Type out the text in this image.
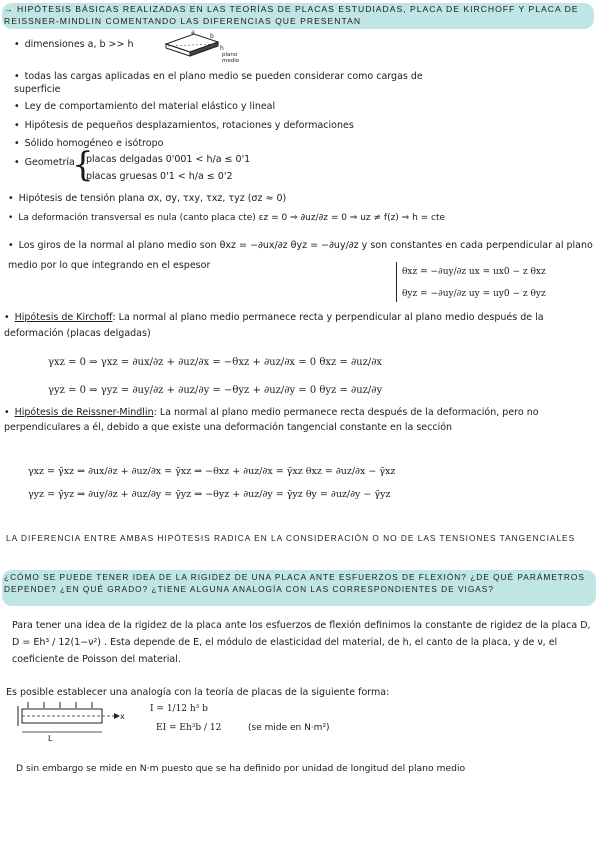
→ HIPÓTESIS BÁSICAS REALIZADAS EN LAS TEORÍAS DE PLACAS ESTUDIADAS, PLACA DE KIRCHOFF Y PLACA DE REISSNER-MINDLIN COMENTANDO LAS DIFERENCIAS QUE PRESENTAN
• dimensiones a, b >> h
a
b
h
plano medio
• todas las cargas aplicadas en el plano medio se pueden considerar como cargas de superficie
• Ley de comportamiento del material elástico y lineal
• Hipótesis de pequeños desplazamientos, rotaciones y deformaciones
• Sólido homogéneo e isótropo
• Geometría
{
placas delgadas 0'001 < h/a ≤ 0'1
placas gruesas 0'1 < h/a ≤ 0'2
• Hipótesis de tensión plana σx, σy, τxy, τxz, τyz (σz ≈ 0)
• La deformación transversal es nula (canto placa cte) εz = 0 ⇒ ∂uz/∂z = 0 ⇒ uz ≠ f(z) ⇒ h = cte
• Los giros de la normal al plano medio son θxz = −∂ux/∂z θyz = −∂uy/∂z y son constantes en cada perpendicular al plano medio por lo que integrando en el espesor
θxz = −∂uy/∂z ux = ux0 − z θxz
θyz = −∂uy/∂z uy = uy0 − z θyz
• Hipótesis de Kirchoff: La normal al plano medio permanece recta y perpendicular al plano medio después de la deformación (placas delgadas)
γxz = 0 ⇒ γxz = ∂ux/∂z + ∂uz/∂x = −θxz + ∂uz/∂x = 0 θxz = ∂uz/∂x
γyz = 0 ⇒ γyz = ∂uy/∂z + ∂uz/∂y = −θyz + ∂uz/∂y = 0 θyz = ∂uz/∂y
• Hipótesis de Reissner-Mindlin: La normal al plano medio permanece recta después de la deformación, pero no perpendiculares a él, debido a que existe una deformación tangencial constante en la sección
γxz = γ̄xz ⇒ ∂ux/∂z + ∂uz/∂x = γ̄xz ⇒ −θxz + ∂uz/∂x = γ̄xz θxz = ∂uz/∂x − γ̄xz
γyz = γ̄yz ⇒ ∂uy/∂z + ∂uz/∂y = γ̄yz ⇒ −θyz + ∂uz/∂y = γ̄yz θy = ∂uz/∂y − γ̄yz
LA DIFERENCIA ENTRE AMBAS HIPÓTESIS RADICA EN LA CONSIDERACIÓN O NO DE LAS TENSIONES TANGENCIALES
¿CÓMO SE PUEDE TENER IDEA DE LA RIGIDEZ DE UNA PLACA ANTE ESFUERZOS DE FLEXIÓN? ¿DE QUÉ PARÁMETROS DEPENDE? ¿EN QUÉ GRADO? ¿TIENE ALGUNA ANALOGÍA CON LAS CORRESPONDIENTES DE VIGAS?
Para tener una idea de la rigidez de la placa ante los esfuerzos de flexión definimos la constante de rigidez de la placa D, D = Eh³ / 12(1−ν²) . Esta depende de E, el módulo de elasticidad del material, de h, el canto de la placa, y de ν, el coeficiente de Poisson del material.
Es posible establecer una analogía con la teoría de placas de la siguiente forma:
x
L
I = 1/12 h³ b
EI = Eh³b / 12	(se mide en N·m²)
D sin embargo se mide en N·m puesto que se ha definido por unidad de longitud del plano medio
